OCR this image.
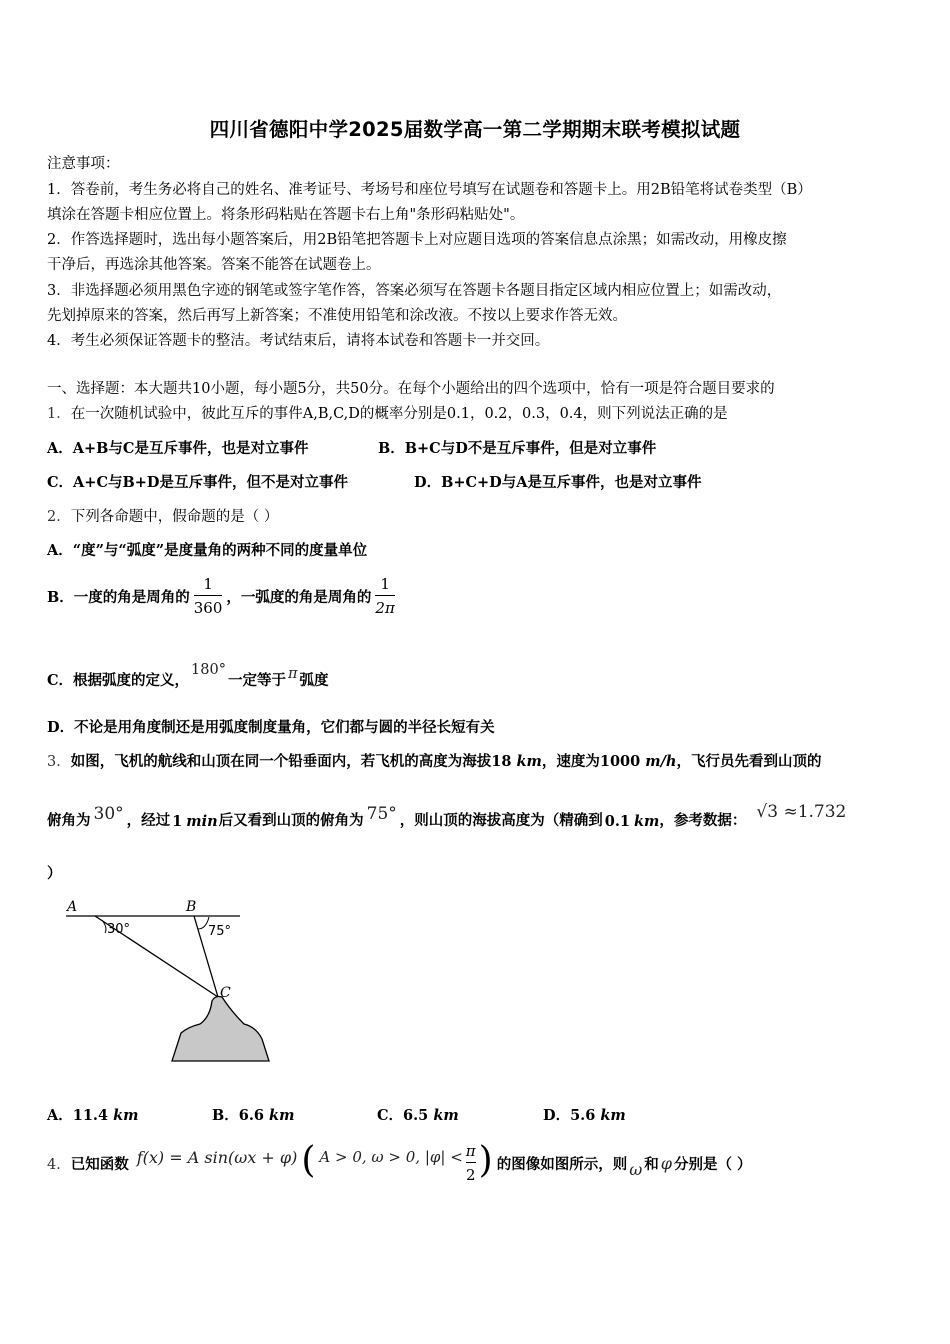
四川省德阳中学2025届数学高一第二学期期末联考模拟试题
注意事项：
1．答卷前，考生务必将自己的姓名、准考证号、考场号和座位号填写在试题卷和答题卡上。用2B铅笔将试卷类型（B）
填涂在答题卡相应位置上。将条形码粘贴在答题卡右上角"条形码粘贴处"。
2．作答选择题时，选出每小题答案后，用2B铅笔把答题卡上对应题目选项的答案信息点涂黑；如需改动，用橡皮擦
干净后，再选涂其他答案。答案不能答在试题卷上。
3．非选择题必须用黑色字迹的钢笔或签字笔作答，答案必须写在答题卡各题目指定区域内相应位置上；如需改动，
先划掉原来的答案，然后再写上新答案；不准使用铅笔和涂改液。不按以上要求作答无效。
4．考生必须保证答题卡的整洁。考试结束后，请将本试卷和答题卡一并交回。
一、选择题：本大题共10小题，每小题5分，共50分。在每个小题给出的四个选项中，恰有一项是符合题目要求的
1．在一次随机试验中，彼此互斥的事件A,B,C,D的概率分别是0.1，0.2，0.3，0.4，则下列说法正确的是
A．A+B与C是互斥事件，也是对立事件	B．B+C与D不是互斥事件，但是对立事件
C．A+C与B+D是互斥事件，但不是对立事件	D．B+C+D与A是互斥事件，也是对立事件
2．下列各命题中，假命题的是（ ）
A．“度”与“弧度”是度量角的两种不同的度量单位
B．一度的角是周角的 $\frac{1}{360}$ ，一弧度的角是周角的 $\frac{1}{2\pi}$
C．根据弧度的定义，
180°
一定等于 π 弧度
D．不论是用角度制还是用弧度制度量角，它们都与圆的半径长短有关
3．如图，飞机的航线和山顶在同一个铅垂面内，若飞机的高度为海拔18 km，速度为1000 m/h，飞行员先看到山顶的
俯角为 30° ，经过 1 min 后又看到山顶的俯角为 75° ，则山顶的海拔高度为（精确到 0.1 km ，参考数据： √3 ≈1.732
）
A	B
C
30°	75°
A．11.4 km	B．6.6 km	C．6.5 km	D．5.6 km
4． 已知函数 f(x) = A sin(ωx + φ) ( A > 0, ω > 0, $|\varphi| < \frac{\pi}{2}$ ) 的图像如图所示，则 ω 和 φ 分别是（ ）
